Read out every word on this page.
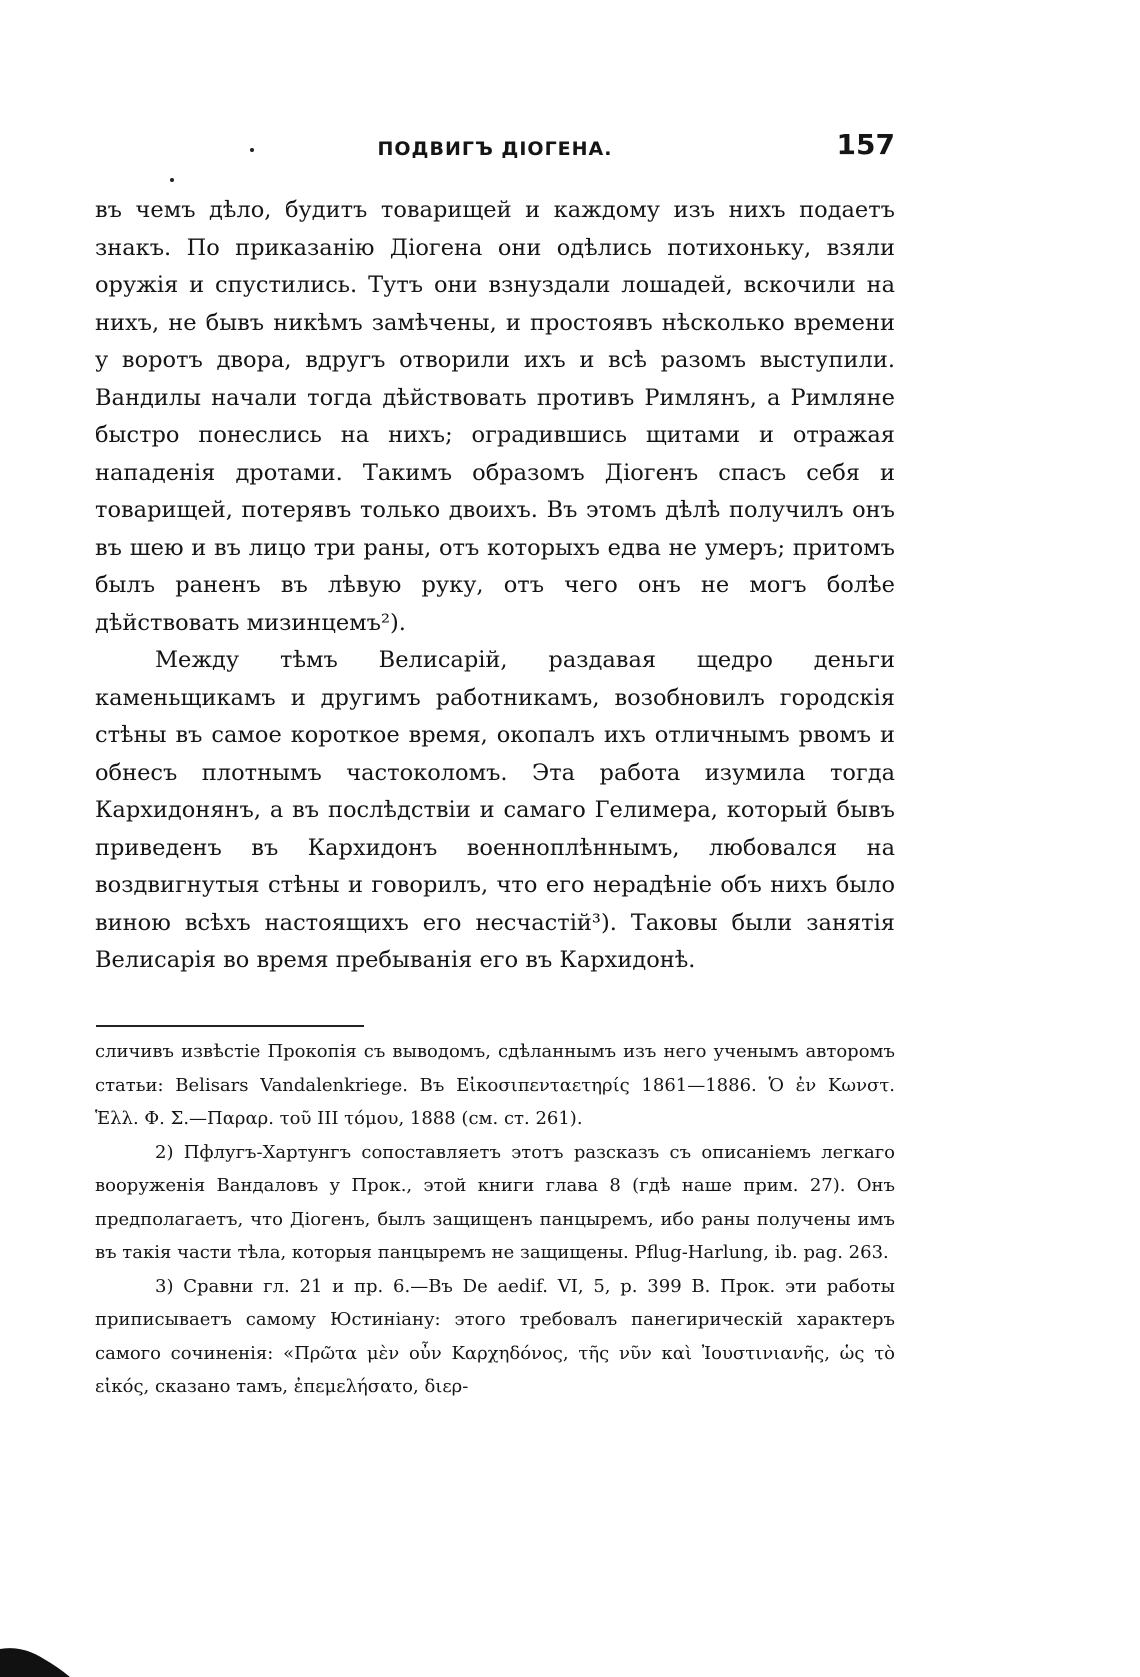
ПОДВИГЪ ДІОГЕНА.	157

въ чемъ дѣло, будитъ товарищей и каждому изъ нихъ подаетъ знакъ. По приказанію Діогена они одѣлись потихоньку, взяли оружія и спустились. Тутъ они взнуздали лошадей, вскочили на нихъ, не бывъ никѣмъ замѣчены, и простоявъ нѣсколько времени у воротъ двора, вдругъ отворили ихъ и всѣ разомъ выступили. Вандилы начали тогда дѣйствовать противъ Римлянъ, а Римляне быстро понеслись на нихъ; оградившись щитами и отражая нападенія дротами. Такимъ образомъ Діогенъ спасъ себя и товарищей, потерявъ только двоихъ. Въ этомъ дѣлѣ получилъ онъ въ шею и въ лицо три раны, отъ которыхъ едва не умеръ; притомъ былъ раненъ въ лѣвую руку, отъ чего онъ не могъ болѣе дѣйствовать мизинцемъ²).

Между тѣмъ Велисарій, раздавая щедро деньги каменьщикамъ и другимъ работникамъ, возобновилъ городскія стѣны въ самое короткое время, окопалъ ихъ отличнымъ рвомъ и обнесъ плотнымъ частоколомъ. Эта работа изумила тогда Кархидонянъ, а въ послѣдствіи и самаго Гелимера, который бывъ приведенъ въ Кархидонъ военноплѣннымъ, любовался на воздвигнутыя стѣны и говорилъ, что его нерадѣніе объ нихъ было виною всѣхъ настоящихъ его несчастій³). Таковы были занятія Велисарія во время пребыванія его въ Кархидонѣ.

сличивъ извѣстіе Прокопія съ выводомъ, сдѣланнымъ изъ него ученымъ авторомъ статьи: Belisars Vandalenkriege. Въ Εἰκοσιπενταετηρίς 1861—1886. Ὁ ἐν Κωνστ. Ἑλλ. Φ. Σ.—Παραρ. τοῦ III τόμου, 1888 (см. ст. 261).

2) Пфлугъ-Хартунгъ сопоставляетъ этотъ разсказъ съ описаніемъ легкаго вооруженія Вандаловъ у Прок., этой книги глава 8 (гдѣ наше прим. 27). Онъ предполагаетъ, что Діогенъ, былъ защищенъ панцыремъ, ибо раны получены имъ въ такія части тѣла, которыя панцыремъ не защищены. Pflug-Harlung, ib. pag. 263.

3) Сравни гл. 21 и пр. 6.—Въ De aedif. VI, 5, p. 399 В. Прок. эти работы приписываетъ самому Юстиніану: этого требовалъ панегирическій характеръ самого сочиненія: «Πρῶτα μὲν οὖν Καρχηδόνος, τῆς νῦν καὶ Ἰουστινιανῆς, ὡς τὸ εἰκός, сказано тамъ, ἐπεμελήσατο, διερ-
